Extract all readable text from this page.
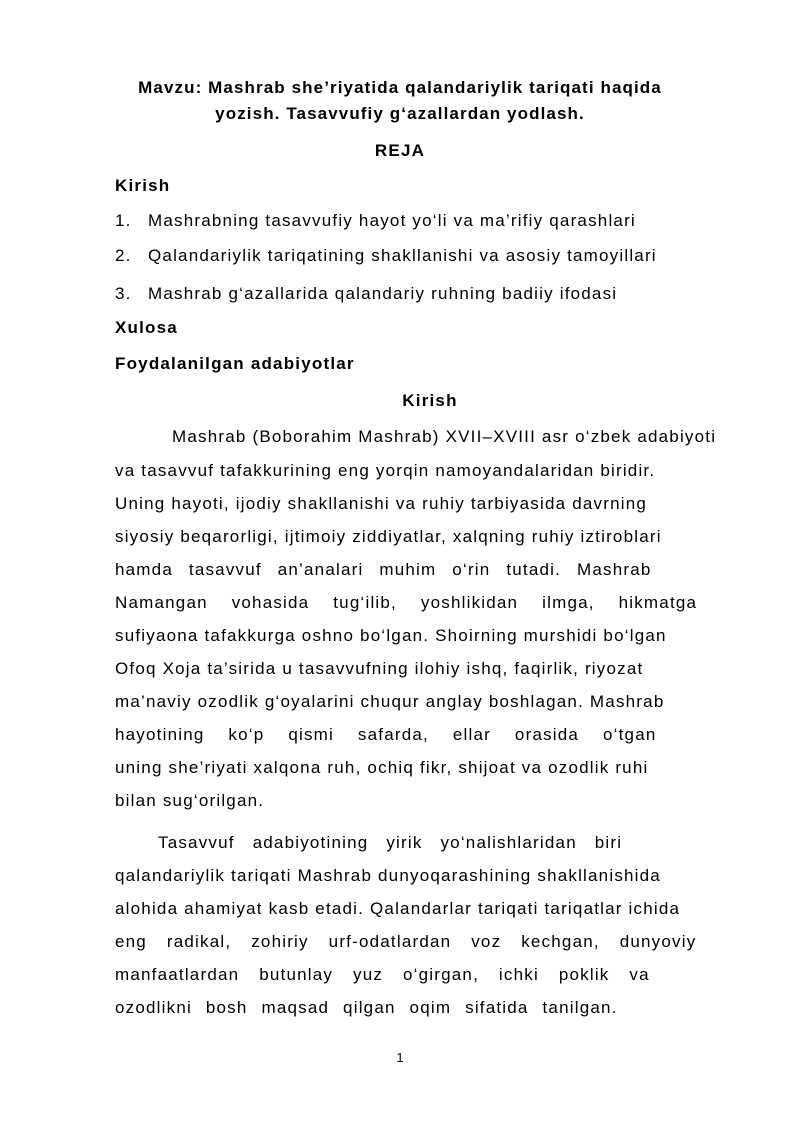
Mavzu: Mashrab she’riyatida qalandariylik tariqati haqida
yozish. Tasavvufiy g‘azallardan yodlash.
REJA
Kirish
1. Mashrabning tasavvufiy hayot yo‘li va ma’rifiy qarashlari
2. Qalandariylik tariqatining shakllanishi va asosiy tamoyillari
3. Mashrab g‘azallarida qalandariy ruhning badiiy ifodasi
Xulosa
Foydalanilgan adabiyotlar
Kirish
Mashrab (Boborahim Mashrab) XVII–XVIII asr o‘zbek adabiyoti
va tasavvuf tafakkurining eng yorqin namoyandalaridan biridir.
Uning hayoti, ijodiy shakllanishi va ruhiy tarbiyasida davrning
siyosiy beqarorligi, ijtimoiy ziddiyatlar, xalqning ruhiy iztiroblari
hamda tasavvuf an’analari muhim o‘rin tutadi. Mashrab
Namangan vohasida tug‘ilib, yoshlikidan ilmga, hikmatga
sufiyaona tafakkurga oshno bo‘lgan. Shoirning murshidi bo‘lgan
Ofoq Xoja ta’sirida u tasavvufning ilohiy ishq, faqirlik, riyozat
ma’naviy ozodlik g‘oyalarini chuqur anglay boshlagan. Mashrab
hayotining ko‘p qismi safarda, ellar orasida o‘tgan
uning she’riyati xalqona ruh, ochiq fikr, shijoat va ozodlik ruhi
bilan sug‘orilgan.
Tasavvuf adabiyotining yirik yo‘nalishlaridan biri
qalandariylik tariqati Mashrab dunyoqarashining shakllanishida
alohida ahamiyat kasb etadi. Qalandarlar tariqati tariqatlar ichida
eng radikal, zohiriy urf-odatlardan voz kechgan, dunyoviy
manfaatlardan butunlay yuz o‘girgan, ichki poklik va
ozodlikni bosh maqsad qilgan oqim sifatida tanilgan.
1
